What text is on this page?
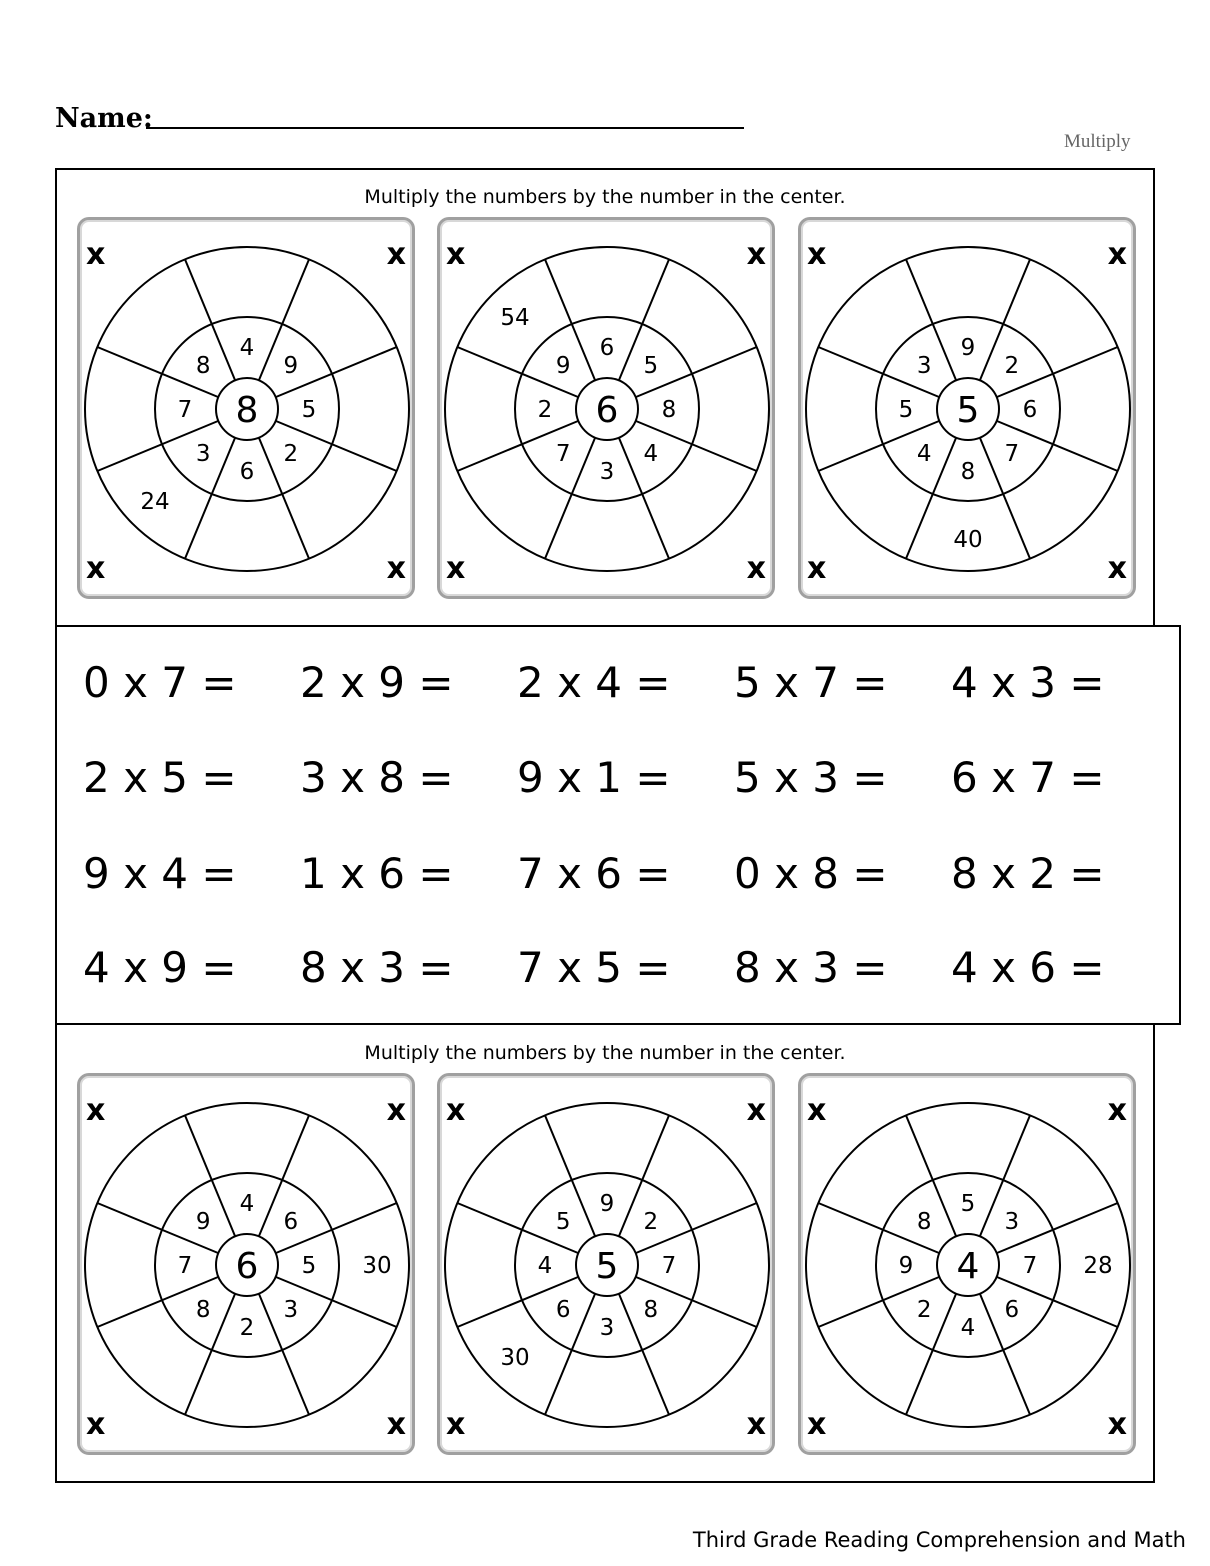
Name:
Multiply
Multiply the numbers by the number in the center.
8
4
9
5
2
6
3
24
7
8
x	x
x	x
6
6
5
8
4
3
7
2
9
54
x	x
x	x
5
9
2
6
7
8
40
4
5
3
x	x
x	x
0 x 7 = 2 x 9 = 2 x 4 = 5 x 7 = 4 x 3 =
2 x 5 = 3 x 8 = 9 x 1 = 5 x 3 = 6 x 7 =
9 x 4 = 1 x 6 = 7 x 6 = 0 x 8 = 8 x 2 =
4 x 9 = 8 x 3 = 7 x 5 = 8 x 3 = 4 x 6 =
Multiply the numbers by the number in the center.
6
4
6
5 30
3
2
8
7
9
x	x
x	x
5
9
2
7
8
3
6
30
4
5
x	x
x	x
4
5
3
7 28
6
4
2
9
8
x	x
x	x
Third Grade Reading Comprehension and Math
